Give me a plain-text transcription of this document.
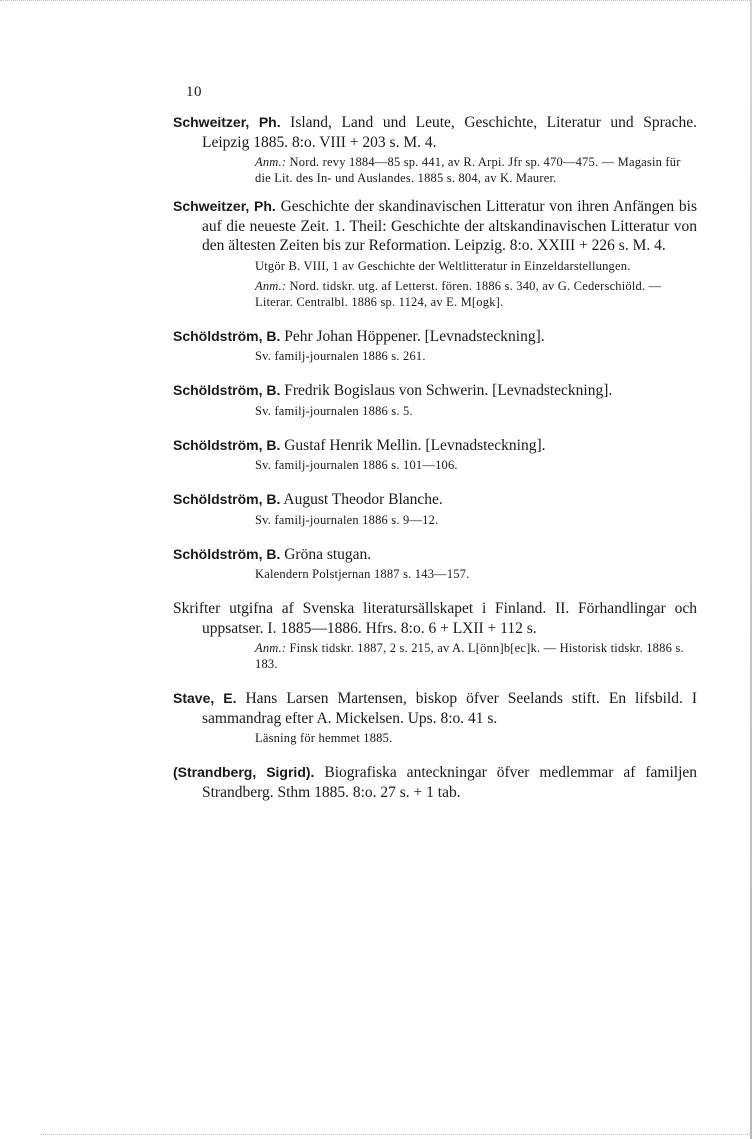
10
Schweitzer, Ph. Island, Land und Leute, Geschichte, Literatur und Sprache. Leipzig 1885. 8:o. VIII + 203 s. M. 4.
Anm.: Nord. revy 1884—85 sp. 441, av R. Arpi. Jfr sp. 470—475. — Magasin für die Lit. des In- und Auslandes. 1885 s. 804, av K. Maurer.
Schweitzer, Ph. Geschichte der skandinavischen Litteratur von ihren Anfängen bis auf die neueste Zeit. 1. Theil: Geschichte der altskandinavischen Litteratur von den ältesten Zeiten bis zur Reformation. Leipzig. 8:o. XXIII + 226 s. M. 4.
Utgör B. VIII, 1 av Geschichte der Weltlitteratur in Einzeldarstellungen.
Anm.: Nord. tidskr. utg. af Letterst. fören. 1886 s. 340, av G. Cederschiöld. — Literar. Centralbl. 1886 sp. 1124, av E. M[ogk].
Schöldström, B. Pehr Johan Höppener. [Levnadsteckning].
Sv. familj-journalen 1886 s. 261.
Schöldström, B. Fredrik Bogislaus von Schwerin. [Levnadsteckning].
Sv. familj-journalen 1886 s. 5.
Schöldström, B. Gustaf Henrik Mellin. [Levnadsteckning].
Sv. familj-journalen 1886 s. 101—106.
Schöldström, B. August Theodor Blanche.
Sv. familj-journalen 1886 s. 9—12.
Schöldström, B. Gröna stugan.
Kalendern Polstjernan 1887 s. 143—157.
Skrifter utgifna af Svenska literatursällskapet i Finland. II. Förhandlingar och uppsatser. I. 1885—1886. Hfrs. 8:o. 6 + LXII + 112 s.
Anm.: Finsk tidskr. 1887, 2 s. 215, av A. L[önn]b[ec]k. — Historisk tidskr. 1886 s. 183.
Stave, E. Hans Larsen Martensen, biskop öfver Seelands stift. En lifsbild. I sammandrag efter A. Mickelsen. Ups. 8:o. 41 s.
Läsning för hemmet 1885.
(Strandberg, Sigrid). Biografiska anteckningar öfver medlemmar af familjen Strandberg. Sthm 1885. 8:o. 27 s. + 1 tab.
